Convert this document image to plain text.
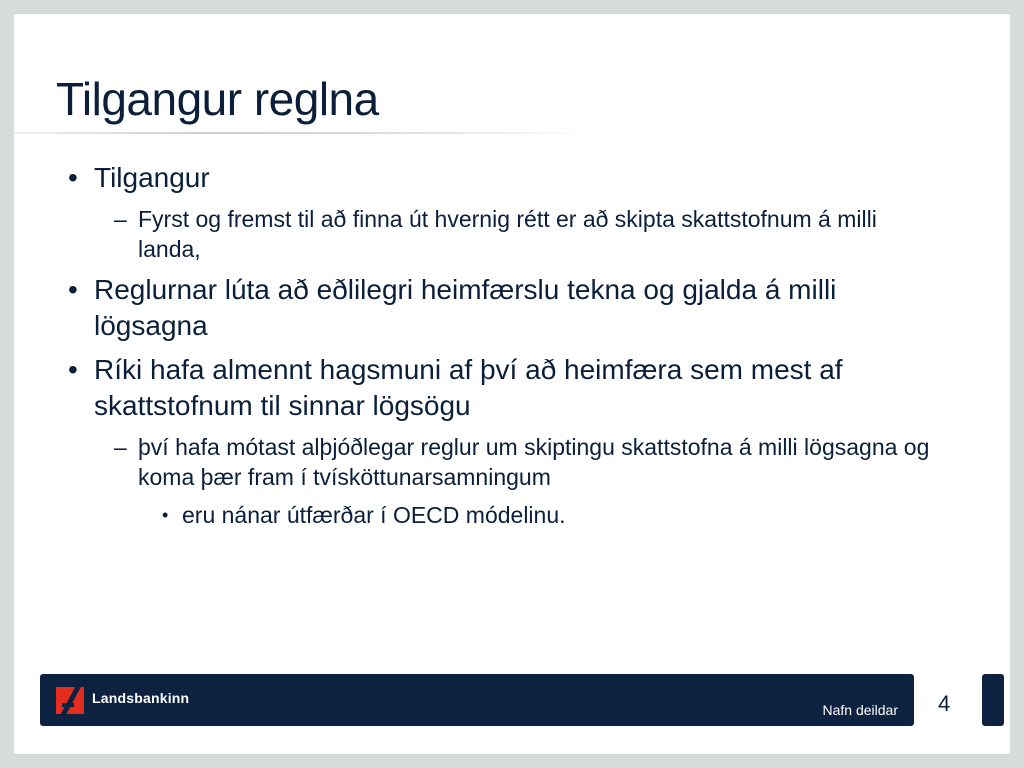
Tilgangur reglna
• Tilgangur
– Fyrst og fremst til að finna út hvernig rétt er að skipta skattstofnum á milli landa,
• Reglurnar lúta að eðlilegri heimfærslu tekna og gjalda á milli lögsagna
• Ríki hafa almennt hagsmuni af því að heimfæra sem mest af skattstofnum til sinnar lögsögu
– því hafa mótast alþjóðlegar reglur um skiptingu skattstofna á milli lögsagna og koma þær fram í tvísköttunarsamningum
• eru nánar útfærðar í OECD módelinu.
Landsbankinn
Nafn deildar 4
